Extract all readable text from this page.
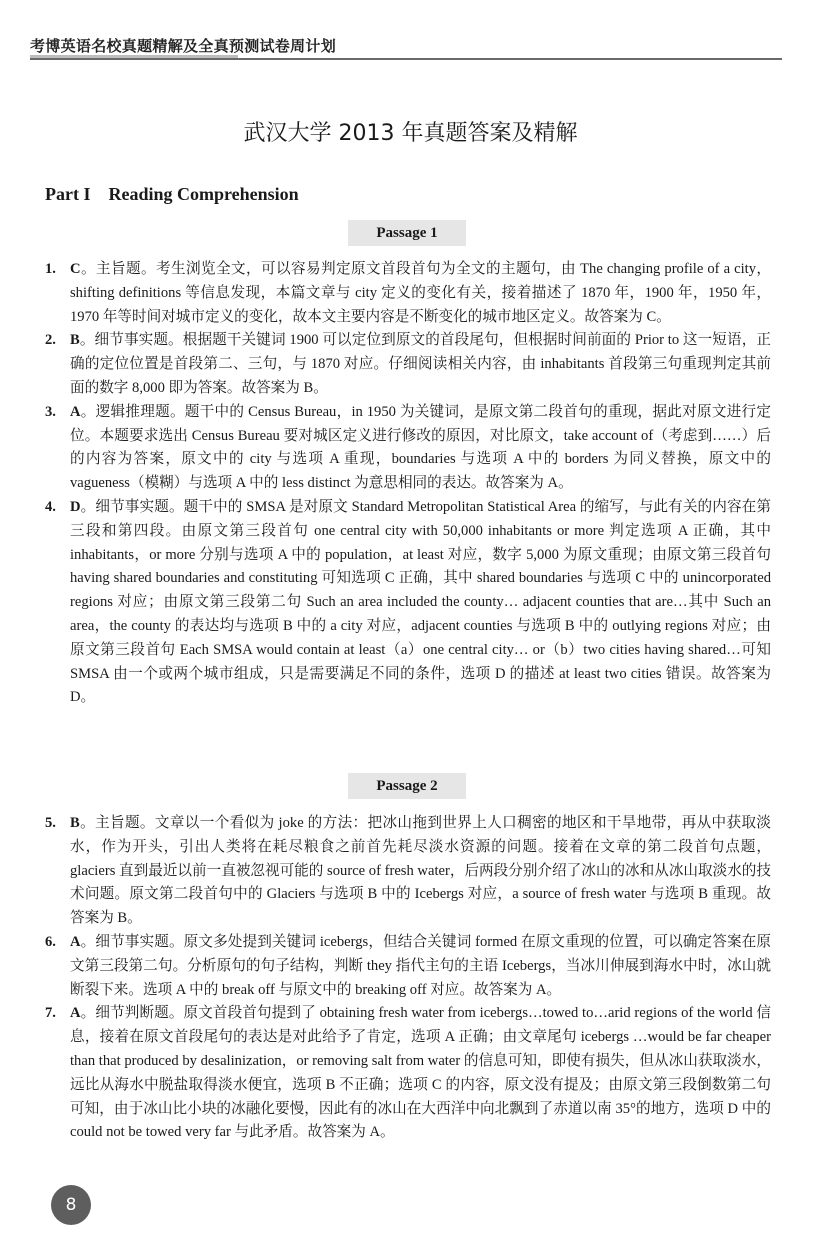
考博英语名校真题精解及全真预测试卷周计划
武汉大学 2013 年真题答案及精解
Part I Reading Comprehension
Passage 1
1. C。主旨题。考生浏览全文，可以容易判定原文首段首句为全文的主题句，由 The changing profile of a city，shifting definitions 等信息发现，本篇文章与 city 定义的变化有关，接着描述了 1870 年，1900 年，1950 年，1970 年等时间对城市定义的变化，故本文主要内容是不断变化的城市地区定义。故答案为 C。
2. B。细节事实题。根据题干关键词 1900 可以定位到原文的首段尾句，但根据时间前面的 Prior to 这一短语，正确的定位位置是首段第二、三句，与 1870 对应。仔细阅读相关内容，由 inhabitants 首段第三句重现判定其前面的数字 8,000 即为答案。故答案为 B。
3. A。逻辑推理题。题干中的 Census Bureau，in 1950 为关键词，是原文第二段首句的重现，据此对原文进行定位。本题要求选出 Census Bureau 要对城区定义进行修改的原因，对比原文，take account of（考虑到……）后的内容为答案，原文中的 city 与选项 A 重现，boundaries 与选项 A 中的 borders 为同义替换，原文中的 vagueness（模糊）与选项 A 中的 less distinct 为意思相同的表达。故答案为 A。
4. D。细节事实题。题干中的 SMSA 是对原文 Standard Metropolitan Statistical Area 的缩写，与此有关的内容在第三段和第四段。由原文第三段首句 one central city with 50,000 inhabitants or more 判定选项 A 正确，其中 inhabitants，or more 分别与选项 A 中的 population，at least 对应，数字 5,000 为原文重现；由原文第三段首句 having shared boundaries and constituting 可知选项 C 正确，其中 shared boundaries 与选项 C 中的 unincorporated regions 对应；由原文第三段第二句 Such an area included the county… adjacent counties that are…其中 Such an area，the county 的表达均与选项 B 中的 a city 对应，adjacent counties 与选项 B 中的 outlying regions 对应；由原文第三段首句 Each SMSA would contain at least（a）one central city… or（b）two cities having shared…可知 SMSA 由一个或两个城市组成，只是需要满足不同的条件，选项 D 的描述 at least two cities 错误。故答案为 D。
Passage 2
5. B。主旨题。文章以一个看似为 joke 的方法：把冰山拖到世界上人口稠密的地区和干旱地带，再从中获取淡水，作为开头，引出人类将在耗尽粮食之前首先耗尽淡水资源的问题。接着在文章的第二段首句点题，glaciers 直到最近以前一直被忽视可能的 source of fresh water，后两段分别介绍了冰山的冰和从冰山取淡水的技术问题。原文第二段首句中的 Glaciers 与选项 B 中的 Icebergs 对应，a source of fresh water 与选项 B 重现。故答案为 B。
6. A。细节事实题。原文多处提到关键词 icebergs，但结合关键词 formed 在原文重现的位置，可以确定答案在原文第三段第二句。分析原句的句子结构，判断 they 指代主句的主语 Icebergs，当冰川伸展到海水中时，冰山就断裂下来。选项 A 中的 break off 与原文中的 breaking off 对应。故答案为 A。
7. A。细节判断题。原文首段首句提到了 obtaining fresh water from icebergs…towed to…arid regions of the world 信息，接着在原文首段尾句的表达是对此给予了肯定，选项 A 正确；由文章尾句 icebergs …would be far cheaper than that produced by desalinization，or removing salt from water 的信息可知，即使有损失，但从冰山获取淡水，远比从海水中脱盐取得淡水便宜，选项 B 不正确；选项 C 的内容，原文没有提及；由原文第三段倒数第二句可知，由于冰山比小块的冰融化要慢，因此有的冰山在大西洋中向北飘到了赤道以南 35°的地方，选项 D 中的 could not be towed very far 与此矛盾。故答案为 A。
8
